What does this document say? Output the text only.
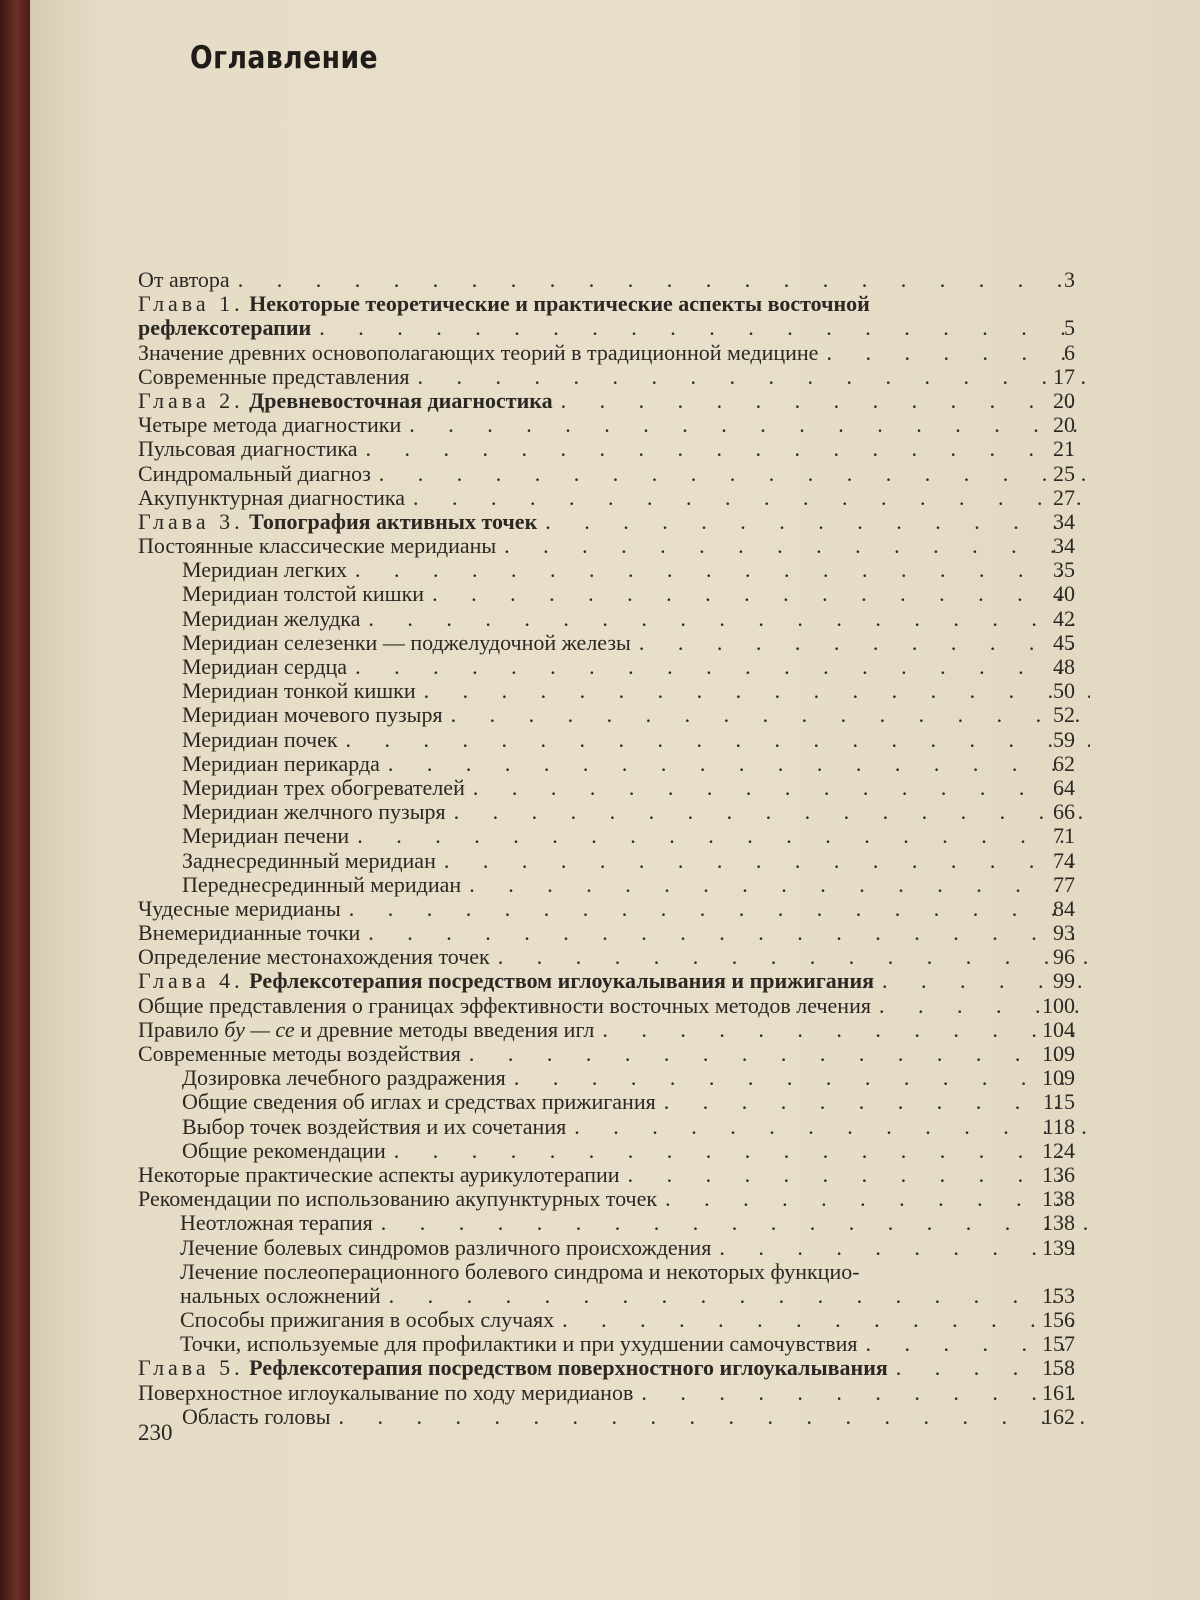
Оглавление
От автора . . .	3
Глава 1. Некоторые теоретические и практические аспекты восточной
рефлексотерапии . . .	5
Значение древних основополагающих теорий в традиционной медицине . . .	6
Современные представления . . .	17
Глава 2. Древневосточная диагностика . . .	20
Четыре метода диагностики . . .	20
Пульсовая диагностика . . .	21
Синдромальный диагноз . . .	25
Акупунктурная диагностика . . .	27
Глава 3. Топография активных точек . . .	34
Постоянные классические меридианы . . .	34
Меридиан легких . . .	35
Меридиан толстой кишки . . .	40
Меридиан желудка . . .	42
Меридиан селезенки — поджелудочной железы . . .	45
Меридиан сердца . . .	48
Меридиан тонкой кишки . . .	50
Меридиан мочевого пузыря . . .	52
Меридиан почек . . .	59
Меридиан перикарда . . .	62
Меридиан трех обогревателей . . .	64
Меридиан желчного пузыря . . .	66
Меридиан печени . . .	71
Заднесрединный меридиан . . .	74
Переднесрединный меридиан . . .	77
Чудесные меридианы . . .	84
Внемеридианные точки . . .	93
Определение местонахождения точек . . .	96
Глава 4. Рефлексотерапия посредством иглоукалывания и прижигания . . .	99
Общие представления о границах эффективности восточных методов лечения . . .	100
Правило бу — се и древние методы введения игл . . .	104
Современные методы воздействия . . .	109
Дозировка лечебного раздражения . . .	109
Общие сведения об иглах и средствах прижигания . . .	115
Выбор точек воздействия и их сочетания . . .	118
Общие рекомендации . . .	124
Некоторые практические аспекты аурикулотерапии . . .	136
Рекомендации по использованию акупунктурных точек . . .	138
Неотложная терапия . . .	138
Лечение болевых синдромов различного происхождения . . .	139
Лечение послеоперационного болевого синдрома и некоторых функцио-
нальных осложнений . . .	153
Способы прижигания в особых случаях . . .	156
Точки, используемые для профилактики и при ухудшении самочувствия . . .	157
Глава 5. Рефлексотерапия посредством поверхностного иглоукалывания . . .	158
Поверхностное иглоукалывание по ходу меридианов . . .	161
Область головы . . .	162
230
